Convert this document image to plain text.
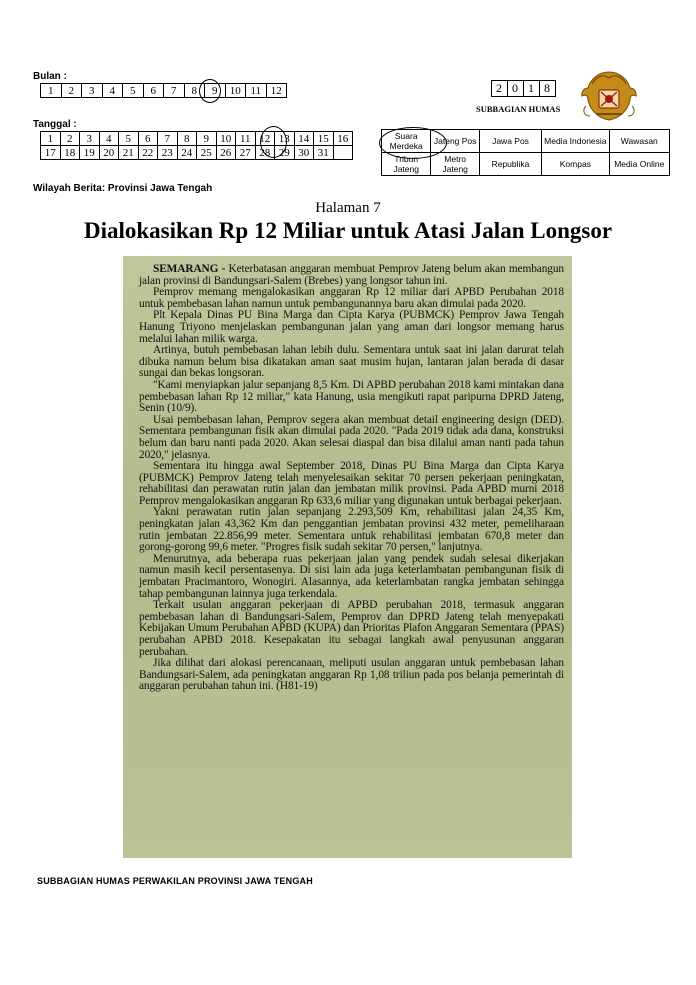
Bulan :
1	2	3	4	5	6	7	8	9	10	11	12
Tanggal :
1	2	3	4	5	6	7	8	9	10	11	12	13	14	15	16
17	18	19	20	21	22	23	24	25	26	27	28	29	30	31	
2	0	1	8
SUBBAGIAN HUMAS
Suara Merdeka	Jateng Pos	Jawa Pos	Media Indonesia	Wawasan
Tribun Jateng	Metro Jateng	Republika	Kompas	Media Online
Wilayah Berita: Provinsi Jawa Tengah
Halaman 7
Dialokasikan Rp 12 Miliar untuk Atasi Jalan Longsor

SEMARANG - Keterbatasan anggaran membuat Pemprov Jateng belum akan membangun jalan provinsi di Bandungsari-Salem (Brebes) yang longsor tahun ini.

Pemprov memang mengalokasikan anggaran Rp 12 miliar dari APBD Perubahan 2018 untuk pembebasan lahan namun untuk pembangunannya baru akan dimulai pada 2020.

Plt Kepala Dinas PU Bina Marga dan Cipta Karya (PUBMCK) Pemprov Jawa Tengah Hanung Triyono menjelaskan pembangunan jalan yang aman dari longsor memang harus melalui lahan milik warga.

Artinya, butuh pembebasan lahan lebih dulu. Sementara untuk saat ini jalan darurat telah dibuka namun belum bisa dikatakan aman saat musim hujan, lantaran jalan berada di dasar sungai dan bekas longsoran.

"Kami menyiapkan jalur sepanjang 8,5 Km. Di APBD perubahan 2018 kami mintakan dana pembebasan lahan Rp 12 miliar," kata Hanung, usia mengikuti rapat paripurna DPRD Jateng, Senin (10/9).

Usai pembebasan lahan, Pemprov segera akan membuat detail engineering design (DED). Sementara pembangunan fisik akan dimulai pada 2020. "Pada 2019 tidak ada dana, konstruksi belum dan baru nanti pada 2020. Akan selesai diaspal dan bisa dilalui aman nanti pada tahun 2020," jelasnya.

Sementara itu hingga awal September 2018, Dinas PU Bina Marga dan Cipta Karya (PUBMCK) Pemprov Jateng telah menyelesaikan sekitar 70 persen pekerjaan peningkatan, rehabilitasi dan perawatan rutin jalan dan jembatan milik provinsi. Pada APBD murni 2018 Pemprov mengalokasikan anggaran Rp 633,6 miliar yang digunakan untuk berbagai pekerjaan.

Yakni perawatan rutin jalan sepanjang 2.293,509 Km, rehabilitasi jalan 24,35 Km, peningkatan jalan 43,362 Km dan penggantian jembatan provinsi 432 meter, pemeliharaan rutin jembatan 22.856,99 meter. Sementara untuk rehabilitasi jembatan 670,8 meter dan gorong-gorong 99,6 meter. "Progres fisik sudah sekitar 70 persen," lanjutnya.

Menurutnya, ada beberapa ruas pekerjaan jalan yang pendek sudah selesai dikerjakan namun masih kecil persentasenya. Di sisi lain ada juga keterlambatan pembangunan fisik di jembatan Pracimantoro, Wonogiri. Alasannya, ada keterlambatan rangka jembatan sehingga tahap pembangunan lainnya juga terkendala.

Terkait usulan anggaran pekerjaan di APBD perubahan 2018, termasuk anggaran pembebasan lahan di Bandungsari-Salem, Pemprov dan DPRD Jateng telah menyepakati Kebijakan Umum Perubahan APBD (KUPA) dan Prioritas Plafon Anggaran Sementara (PPAS) perubahan APBD 2018. Kesepakatan itu sebagai langkah awal penyusunan anggaran perubahan.

Jika dilihat dari alokasi perencanaan, meliputi usulan anggaran untuk pembebasan lahan Bandungsari-Salem, ada peningkatan anggaran Rp 1,08 triliun pada pos belanja pemerintah di anggaran perubahan tahun ini. (H81-19)

SUBBAGIAN HUMAS PERWAKILAN PROVINSI JAWA TENGAH
